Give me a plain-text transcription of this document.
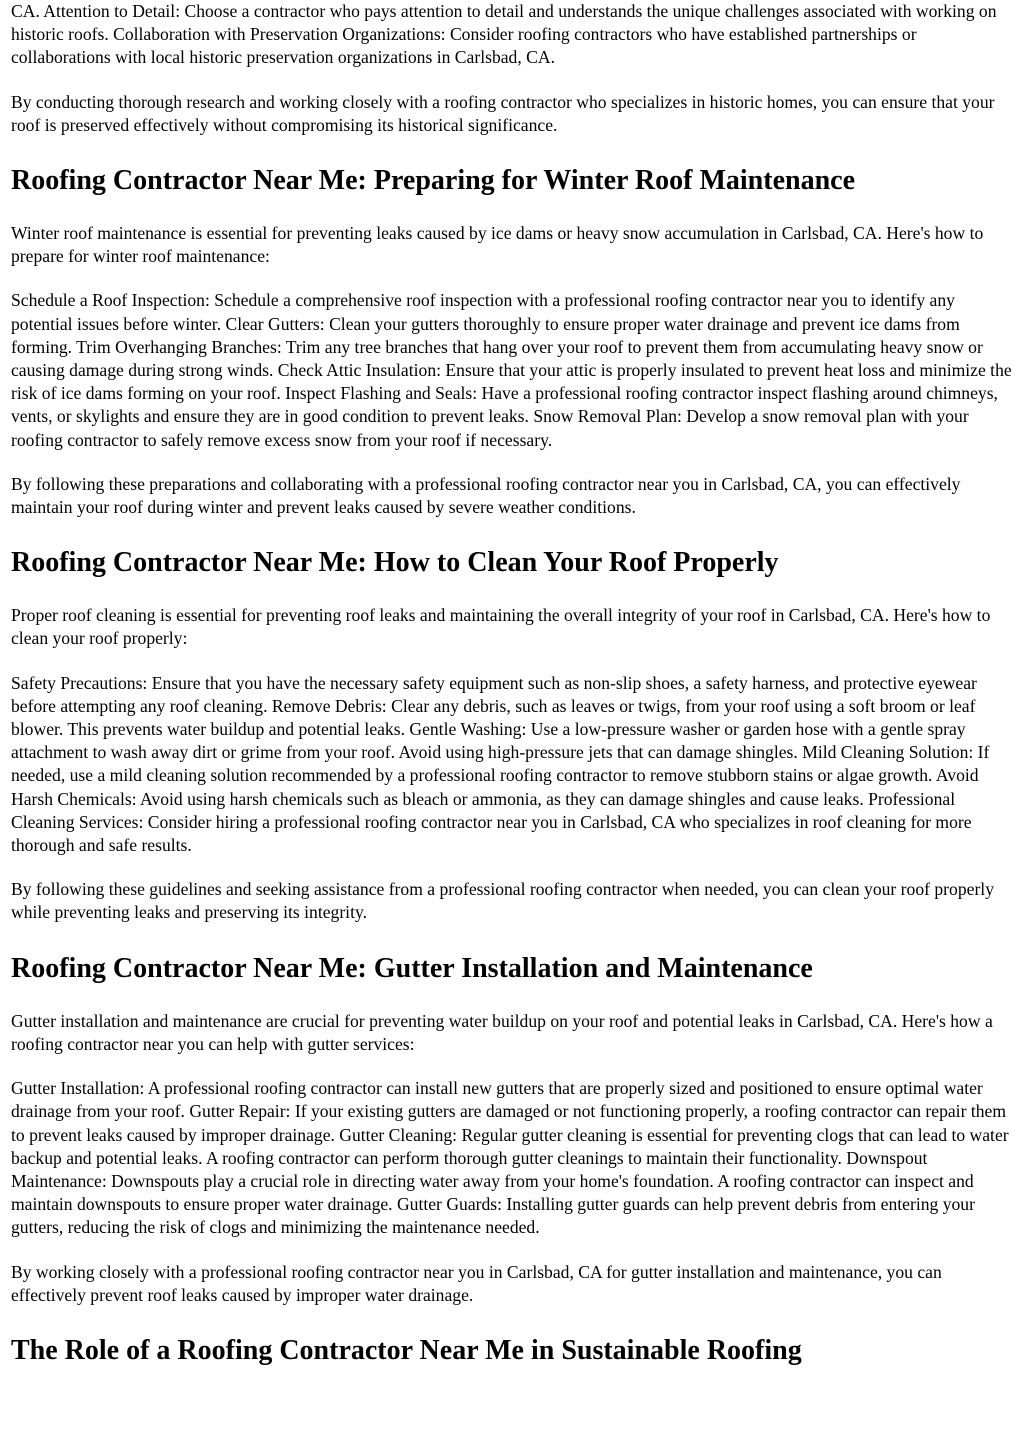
CA. Attention to Detail: Choose a contractor who pays attention to detail and understands the unique challenges associated with working on historic roofs. Collaboration with Preservation Organizations: Consider roofing contractors who have established partnerships or collaborations with local historic preservation organizations in Carlsbad, CA.

By conducting thorough research and working closely with a roofing contractor who specializes in historic homes, you can ensure that your roof is preserved effectively without compromising its historical significance.

Roofing Contractor Near Me: Preparing for Winter Roof Maintenance

Winter roof maintenance is essential for preventing leaks caused by ice dams or heavy snow accumulation in Carlsbad, CA. Here's how to prepare for winter roof maintenance:

Schedule a Roof Inspection: Schedule a comprehensive roof inspection with a professional roofing contractor near you to identify any potential issues before winter. Clear Gutters: Clean your gutters thoroughly to ensure proper water drainage and prevent ice dams from forming. Trim Overhanging Branches: Trim any tree branches that hang over your roof to prevent them from accumulating heavy snow or causing damage during strong winds. Check Attic Insulation: Ensure that your attic is properly insulated to prevent heat loss and minimize the risk of ice dams forming on your roof. Inspect Flashing and Seals: Have a professional roofing contractor inspect flashing around chimneys, vents, or skylights and ensure they are in good condition to prevent leaks. Snow Removal Plan: Develop a snow removal plan with your roofing contractor to safely remove excess snow from your roof if necessary.

By following these preparations and collaborating with a professional roofing contractor near you in Carlsbad, CA, you can effectively maintain your roof during winter and prevent leaks caused by severe weather conditions.

Roofing Contractor Near Me: How to Clean Your Roof Properly

Proper roof cleaning is essential for preventing roof leaks and maintaining the overall integrity of your roof in Carlsbad, CA. Here's how to clean your roof properly:

Safety Precautions: Ensure that you have the necessary safety equipment such as non-slip shoes, a safety harness, and protective eyewear before attempting any roof cleaning. Remove Debris: Clear any debris, such as leaves or twigs, from your roof using a soft broom or leaf blower. This prevents water buildup and potential leaks. Gentle Washing: Use a low-pressure washer or garden hose with a gentle spray attachment to wash away dirt or grime from your roof. Avoid using high-pressure jets that can damage shingles. Mild Cleaning Solution: If needed, use a mild cleaning solution recommended by a professional roofing contractor to remove stubborn stains or algae growth. Avoid Harsh Chemicals: Avoid using harsh chemicals such as bleach or ammonia, as they can damage shingles and cause leaks. Professional Cleaning Services: Consider hiring a professional roofing contractor near you in Carlsbad, CA who specializes in roof cleaning for more thorough and safe results.

By following these guidelines and seeking assistance from a professional roofing contractor when needed, you can clean your roof properly while preventing leaks and preserving its integrity.

Roofing Contractor Near Me: Gutter Installation and Maintenance

Gutter installation and maintenance are crucial for preventing water buildup on your roof and potential leaks in Carlsbad, CA. Here's how a roofing contractor near you can help with gutter services:

Gutter Installation: A professional roofing contractor can install new gutters that are properly sized and positioned to ensure optimal water drainage from your roof. Gutter Repair: If your existing gutters are damaged or not functioning properly, a roofing contractor can repair them to prevent leaks caused by improper drainage. Gutter Cleaning: Regular gutter cleaning is essential for preventing clogs that can lead to water backup and potential leaks. A roofing contractor can perform thorough gutter cleanings to maintain their functionality. Downspout Maintenance: Downspouts play a crucial role in directing water away from your home's foundation. A roofing contractor can inspect and maintain downspouts to ensure proper water drainage. Gutter Guards: Installing gutter guards can help prevent debris from entering your gutters, reducing the risk of clogs and minimizing the maintenance needed.

By working closely with a professional roofing contractor near you in Carlsbad, CA for gutter installation and maintenance, you can effectively prevent roof leaks caused by improper water drainage.

The Role of a Roofing Contractor Near Me in Sustainable Roofing
